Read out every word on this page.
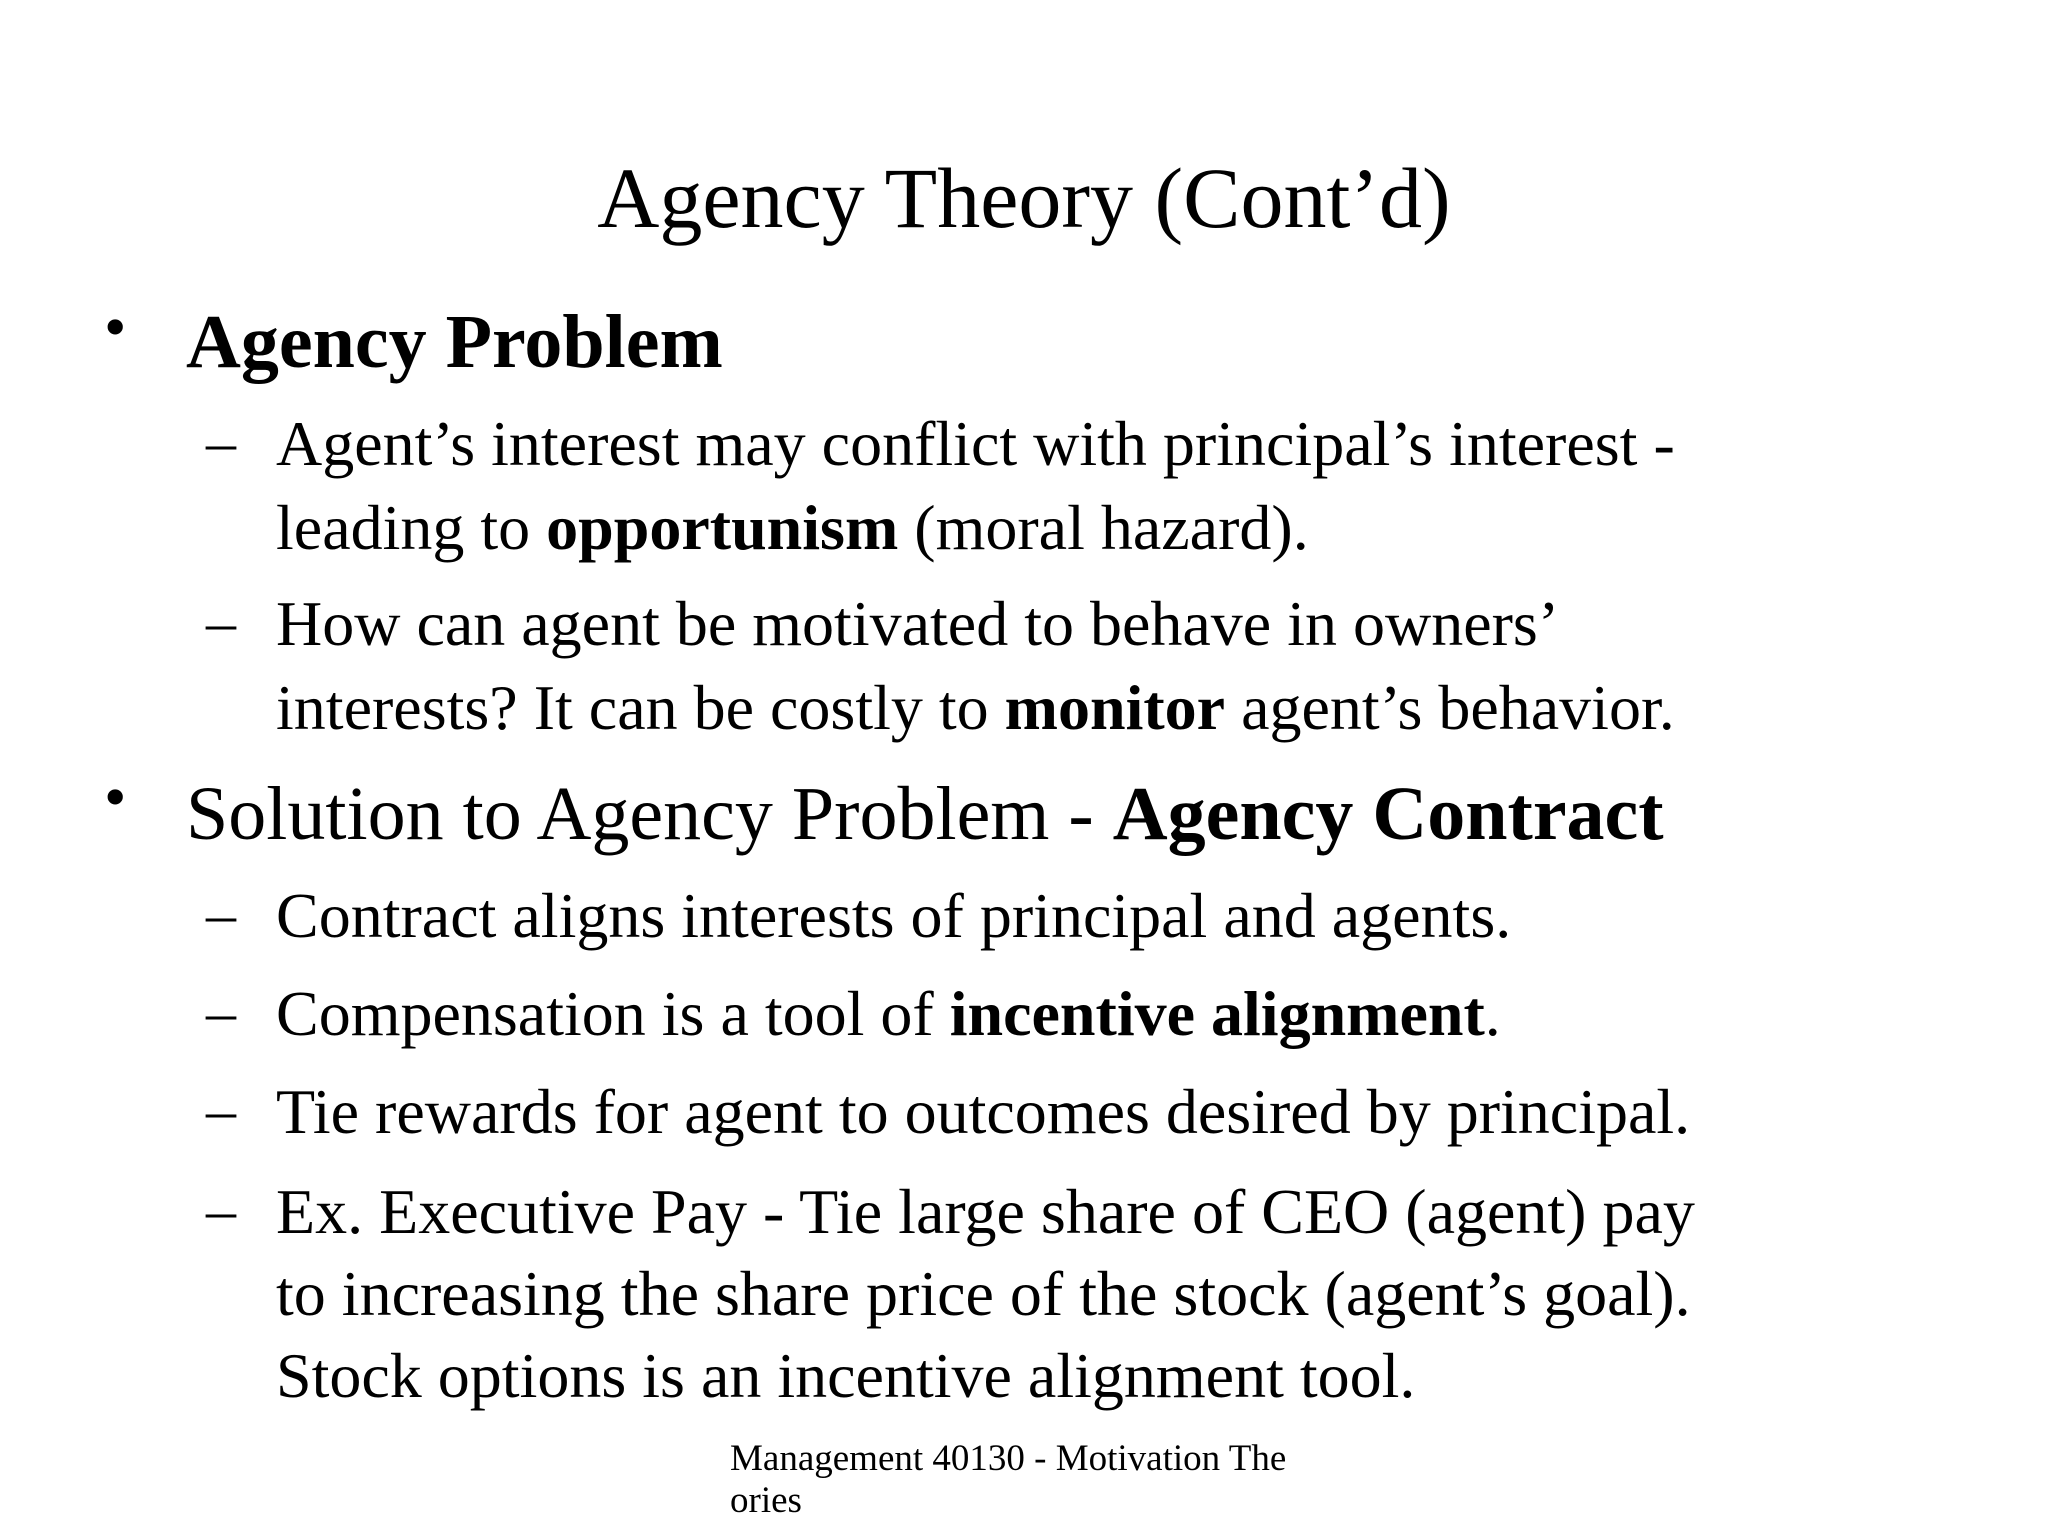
Agency Theory (Cont’d)
• Agency Problem
– Agent’s interest may conflict with principal’s interest -
leading to opportunism (moral hazard).
– How can agent be motivated to behave in owners’
interests? It can be costly to monitor agent’s behavior.
• Solution to Agency Problem - Agency Contract
– Contract aligns interests of principal and agents.
– Compensation is a tool of incentive alignment.
– Tie rewards for agent to outcomes desired by principal.
– Ex. Executive Pay - Tie large share of CEO (agent) pay
to increasing the share price of the stock (agent’s goal).
Stock options is an incentive alignment tool.
Management 40130 - Motivation The
ories
